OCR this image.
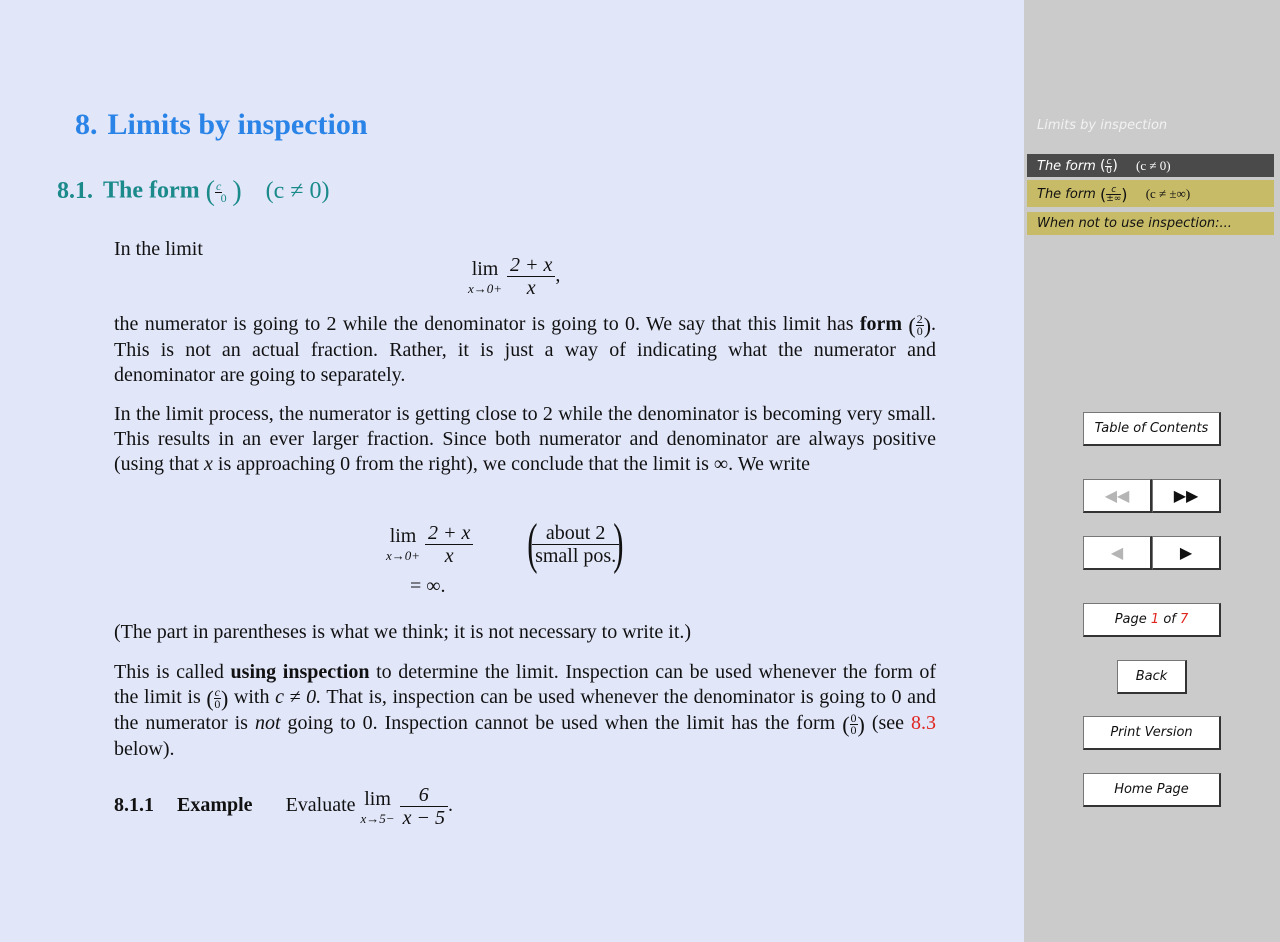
8. Limits by inspection
8.1. The form ( $\frac{c}{0}$ ) (c ≠ 0)
In the limit
lim
x→0+
$\frac{2 + x}{x}$ ,
the numerator is going to 2 while the denominator is going to 0. We say that this limit has form ( $\frac{2}{0}$ ). This is not an actual fraction. Rather, it is just a way of indicating what the numerator and denominator are going to separately.
In the limit process, the numerator is getting close to 2 while the denominator is becoming very small. This results in an ever larger fraction. Since both numerator and denominator are always positive (using that x is approaching 0 from the right), we conclude that the limit is ∞. We write
lim
x→0+
$\frac{2 + x}{x}$ (
$\frac{\text{about 2}}{\text{small pos.}}$
)
= ∞.
(The part in parentheses is what we think; it is not necessary to write it.)
This is called using inspection to determine the limit. Inspection can be used whenever the form of the limit is ( $\frac{c}{0}$ ) with c ≠ 0. That is, inspection can be used whenever the denominator is going to 0 and the numerator is not going to 0. Inspection cannot be used when the limit has the form ( $\frac{0}{0}$ ) (see 8.3 below).
8.1.1 Example Evaluate lim
x→5−
$\frac{6}{x - 5}$ .
Limits by inspection
The form ( $\frac{c}{0}$ ) (c ≠ 0)
The form ( $\frac{c}{\pm\infty}$ ) (c ≠ ±∞)
When not to use inspection:...
Table of Contents
◀◀	▶▶
◀	▶
Page 1 of 7
Back
Print Version
Home Page
